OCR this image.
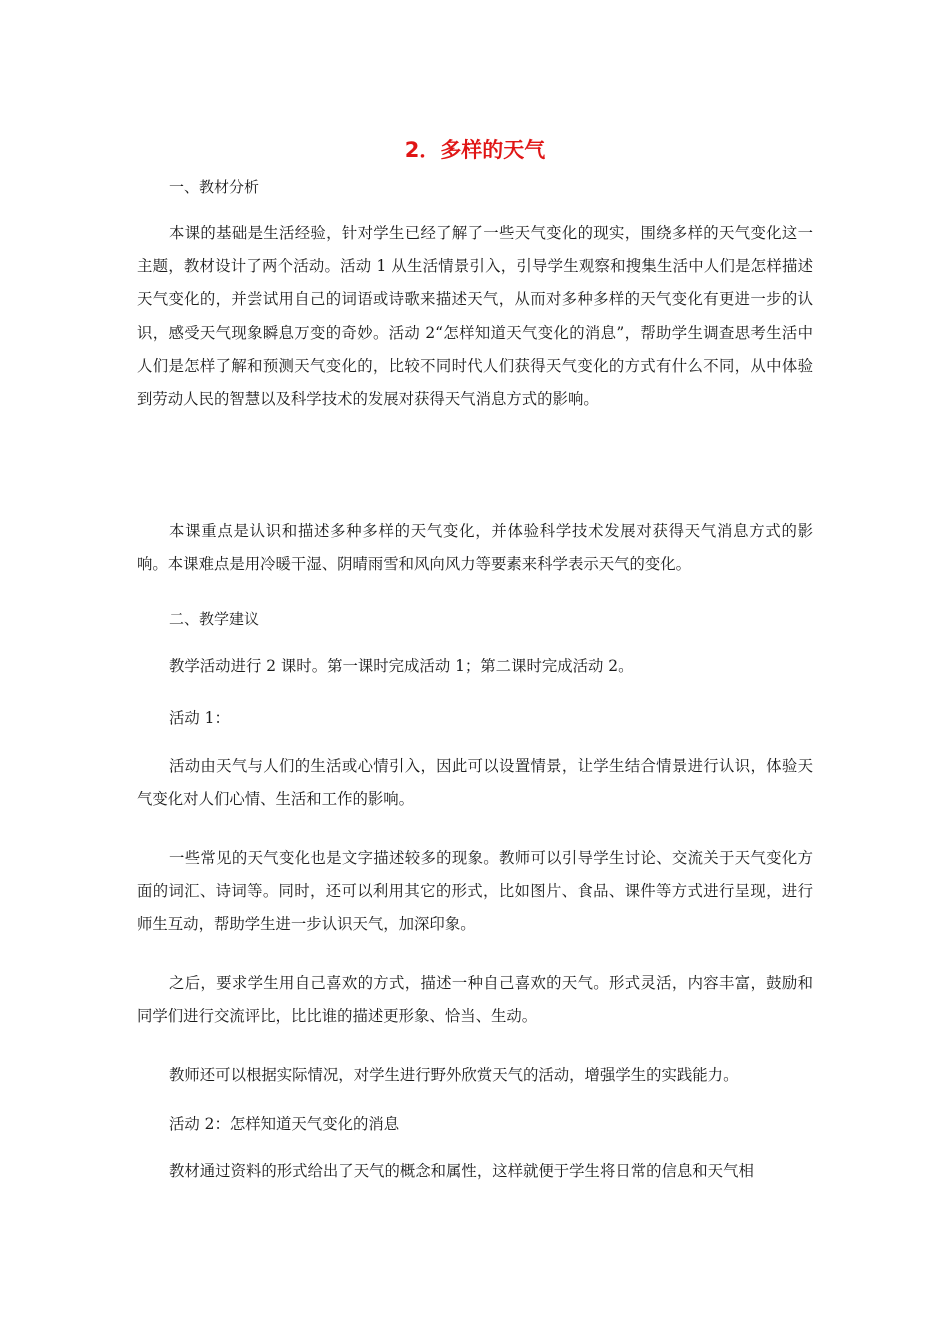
2．多样的天气
一、教材分析

本课的基础是生活经验，针对学生已经了解了一些天气变化的现实，围绕多样的天气变化这一主题，教材设计了两个活动。活动 1 从生活情景引入，引导学生观察和搜集生活中人们是怎样描述天气变化的，并尝试用自己的词语或诗歌来描述天气，从而对多种多样的天气变化有更进一步的认识，感受天气现象瞬息万变的奇妙。活动 2“怎样知道天气变化的消息”，帮助学生调查思考生活中人们是怎样了解和预测天气变化的，比较不同时代人们获得天气变化的方式有什么不同，从中体验到劳动人民的智慧以及科学技术的发展对获得天气消息方式的影响。

本课重点是认识和描述多种多样的天气变化，并体验科学技术发展对获得天气消息方式的影响。本课难点是用冷暖干湿、阴晴雨雪和风向风力等要素来科学表示天气的变化。

二、教学建议

教学活动进行 2 课时。第一课时完成活动 1；第二课时完成活动 2。

活动 1：

活动由天气与人们的生活或心情引入，因此可以设置情景，让学生结合情景进行认识，体验天气变化对人们心情、生活和工作的影响。

一些常见的天气变化也是文字描述较多的现象。教师可以引导学生讨论、交流关于天气变化方面的词汇、诗词等。同时，还可以利用其它的形式，比如图片、食品、课件等方式进行呈现，进行师生互动，帮助学生进一步认识天气，加深印象。

之后，要求学生用自己喜欢的方式，描述一种自己喜欢的天气。形式灵活，内容丰富，鼓励和同学们进行交流评比，比比谁的描述更形象、恰当、生动。

教师还可以根据实际情况，对学生进行野外欣赏天气的活动，增强学生的实践能力。

活动 2：怎样知道天气变化的消息

教材通过资料的形式给出了天气的概念和属性，这样就便于学生将日常的信息和天气相
